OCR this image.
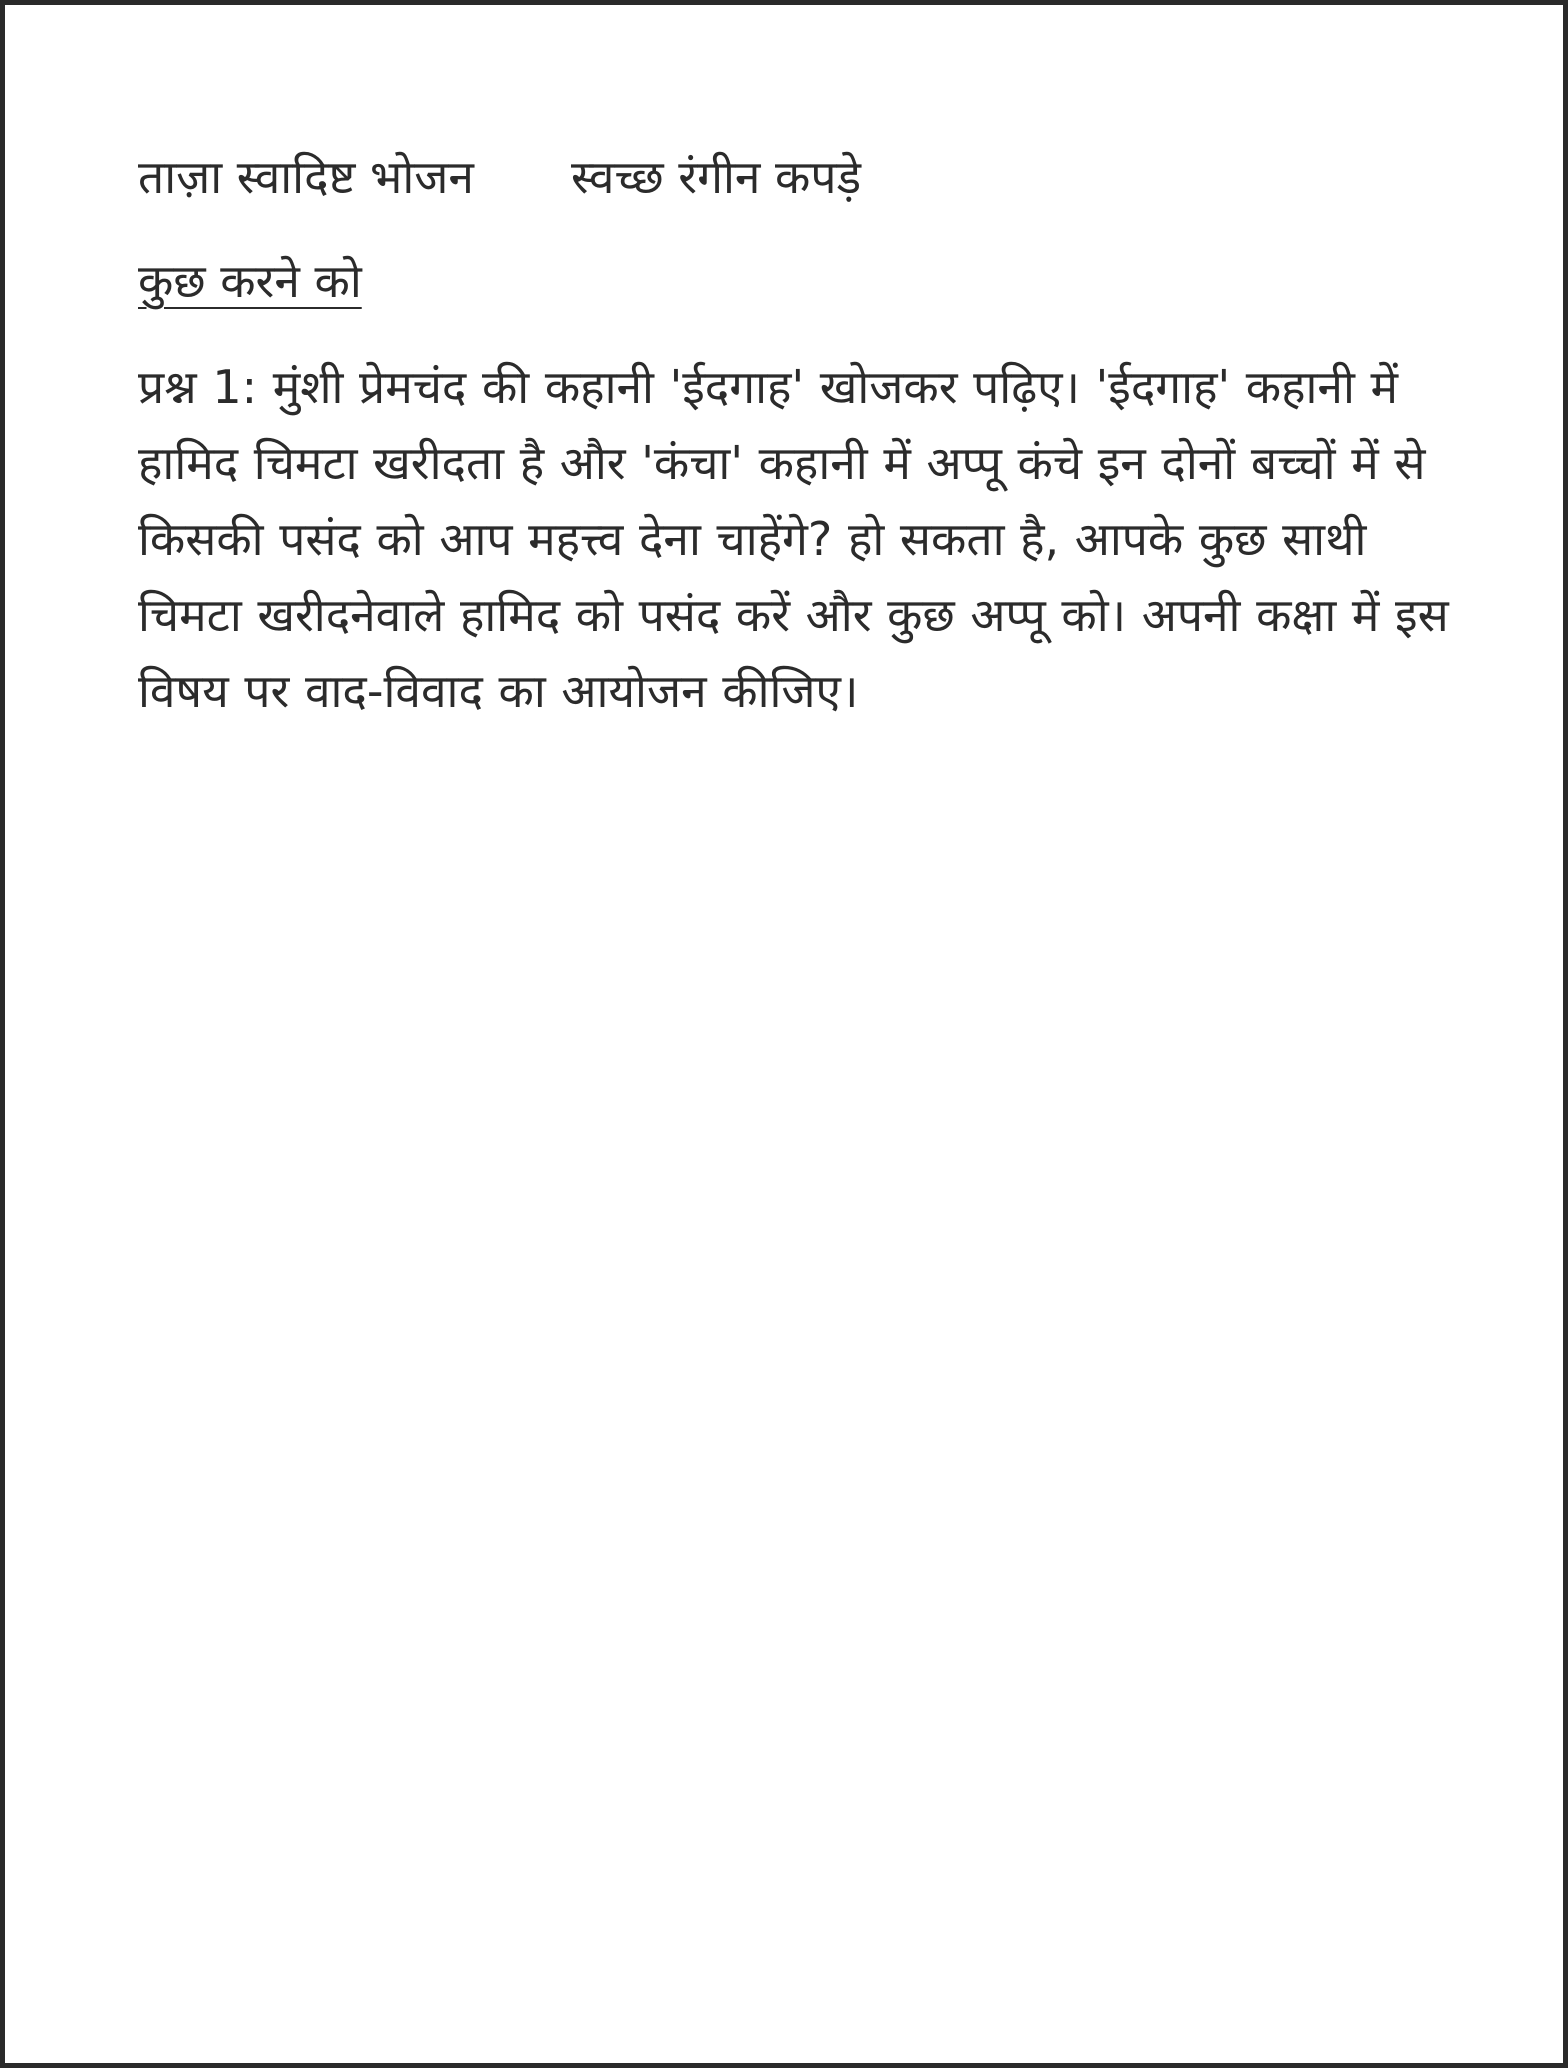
ताज़ा स्वादिष्ट भोजन	स्वच्छ रंगीन कपड़े
कुछ करने को

प्रश्न 1: मुंशी प्रेमचंद की कहानी 'ईदगाह' खोजकर पढ़िए। 'ईदगाह' कहानी में हामिद चिमटा खरीदता है और 'कंचा' कहानी में अप्पू कंचे इन दोनों बच्चों में से किसकी पसंद को आप महत्त्व देना चाहेंगे? हो सकता है, आपके कुछ साथी चिमटा खरीदनेवाले हामिद को पसंद करें और कुछ अप्पू को। अपनी कक्षा में इस विषय पर वाद-विवाद का आयोजन कीजिए।
